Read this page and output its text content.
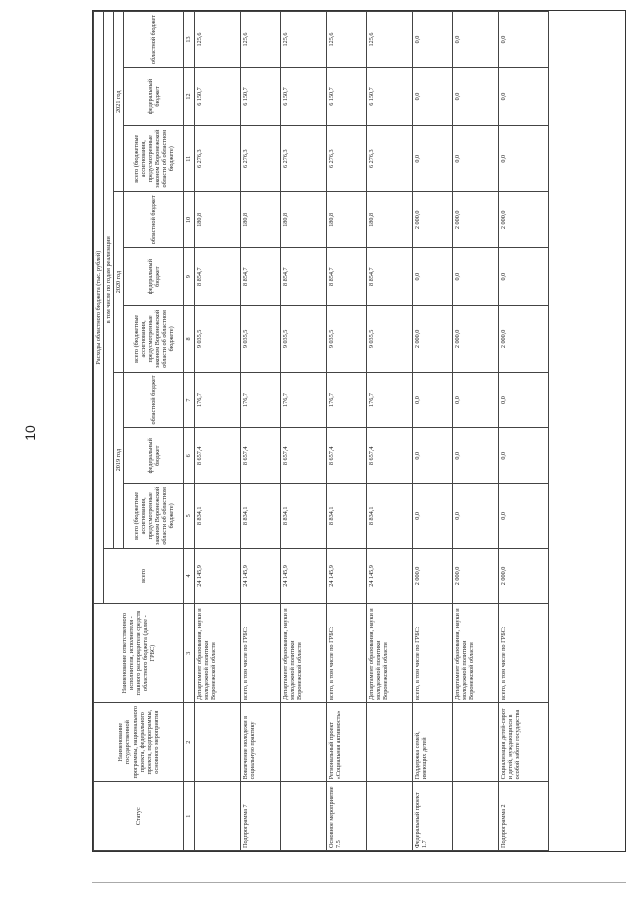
10
Статус	Наименование государственной программы, национального проекта, федерального проекта, подпрограммы, основного мероприятия	Наименование ответственного исполнителя, исполнителя - главного распорядителя средств областного бюджета (далее - ГРБС)	Расходы областного бюджета (тыс. рублей)									
			всего	в том числе по годам реализации								
				2019 год			2020 год			2021 год		
				всего (бюджетные ассигнования, предусмотренные законом Воронежской области об областном бюджете)	федеральный бюджет	областной бюджет	всего (бюджетные ассигнования, предусмотренные законом Воронежской области об областном бюджете)	федеральный бюджет	областной бюджет	всего (бюджетные ассигнования, предусмотренные законом Воронежской области об областном бюджете)	федеральный бюджет	областной бюджет
1	2	3	4	5	6	7	8	9	10	11	12	13
		Департамент образования, науки и молодежной политики Воронежской области	24 145,9	8 834,1	8 657,4	176,7	9 035,5	8 854,7	180,8	6 276,3	6 150,7	125,6
Подпрограмма 7	Вовлечение молодежи в социальную практику	всего, в том числе по ГРБС:	24 145,9	8 834,1	8 657,4	176,7	9 035,5	8 854,7	180,8	6 276,3	6 150,7	125,6
		Департамент образования, науки и молодежной политики Воронежской области	24 145,9	8 834,1	8 657,4	176,7	9 035,5	8 854,7	180,8	6 276,3	6 150,7	125,6
Основное мероприятие 7.5	Региональный проект «Социальная активность»	всего, в том числе по ГРБС:	24 145,9	8 834,1	8 657,4	176,7	9 035,5	8 854,7	180,8	6 276,3	6 150,7	125,6
		Департамент образования, науки и молодежной политики Воронежской области	24 145,9	8 834,1	8 657,4	176,7	9 035,5	8 854,7	180,8	6 276,3	6 150,7	125,6
Федеральный проект 1.7	Поддержка семей, имеющих детей	всего, в том числе по ГРБС:	2 000,0	0,0	0,0	0,0	2 000,0	0,0	2 000,0	0,0	0,0	0,0
		Департамент образования, науки и молодежной политики Воронежской области	2 000,0	0,0	0,0	0,0	2 000,0	0,0	2 000,0	0,0	0,0	0,0
Подпрограмма 2	Социализация детей-сирот и детей, нуждающихся в особой заботе государства	всего, в том числе по ГРБС:	2 000,0	0,0	0,0	0,0	2 000,0	0,0	2 000,0	0,0	0,0	0,0
